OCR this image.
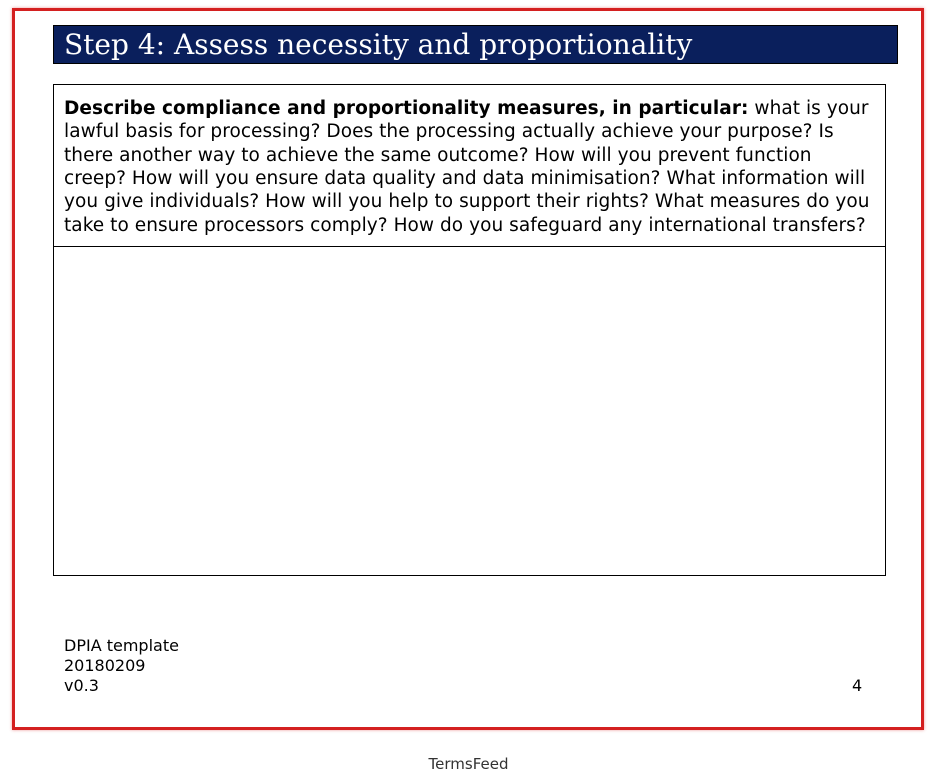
Step 4: Assess necessity and proportionality
Describe compliance and proportionality measures, in particular: what is your lawful basis for processing? Does the processing actually achieve your purpose? Is there another way to achieve the same outcome? How will you prevent function creep? How will you ensure data quality and data minimisation? What information will you give individuals? How will you help to support their rights? What measures do you take to ensure processors comply? How do you safeguard any international transfers?

DPIA template
20180209
v0.3	4
TermsFeed
